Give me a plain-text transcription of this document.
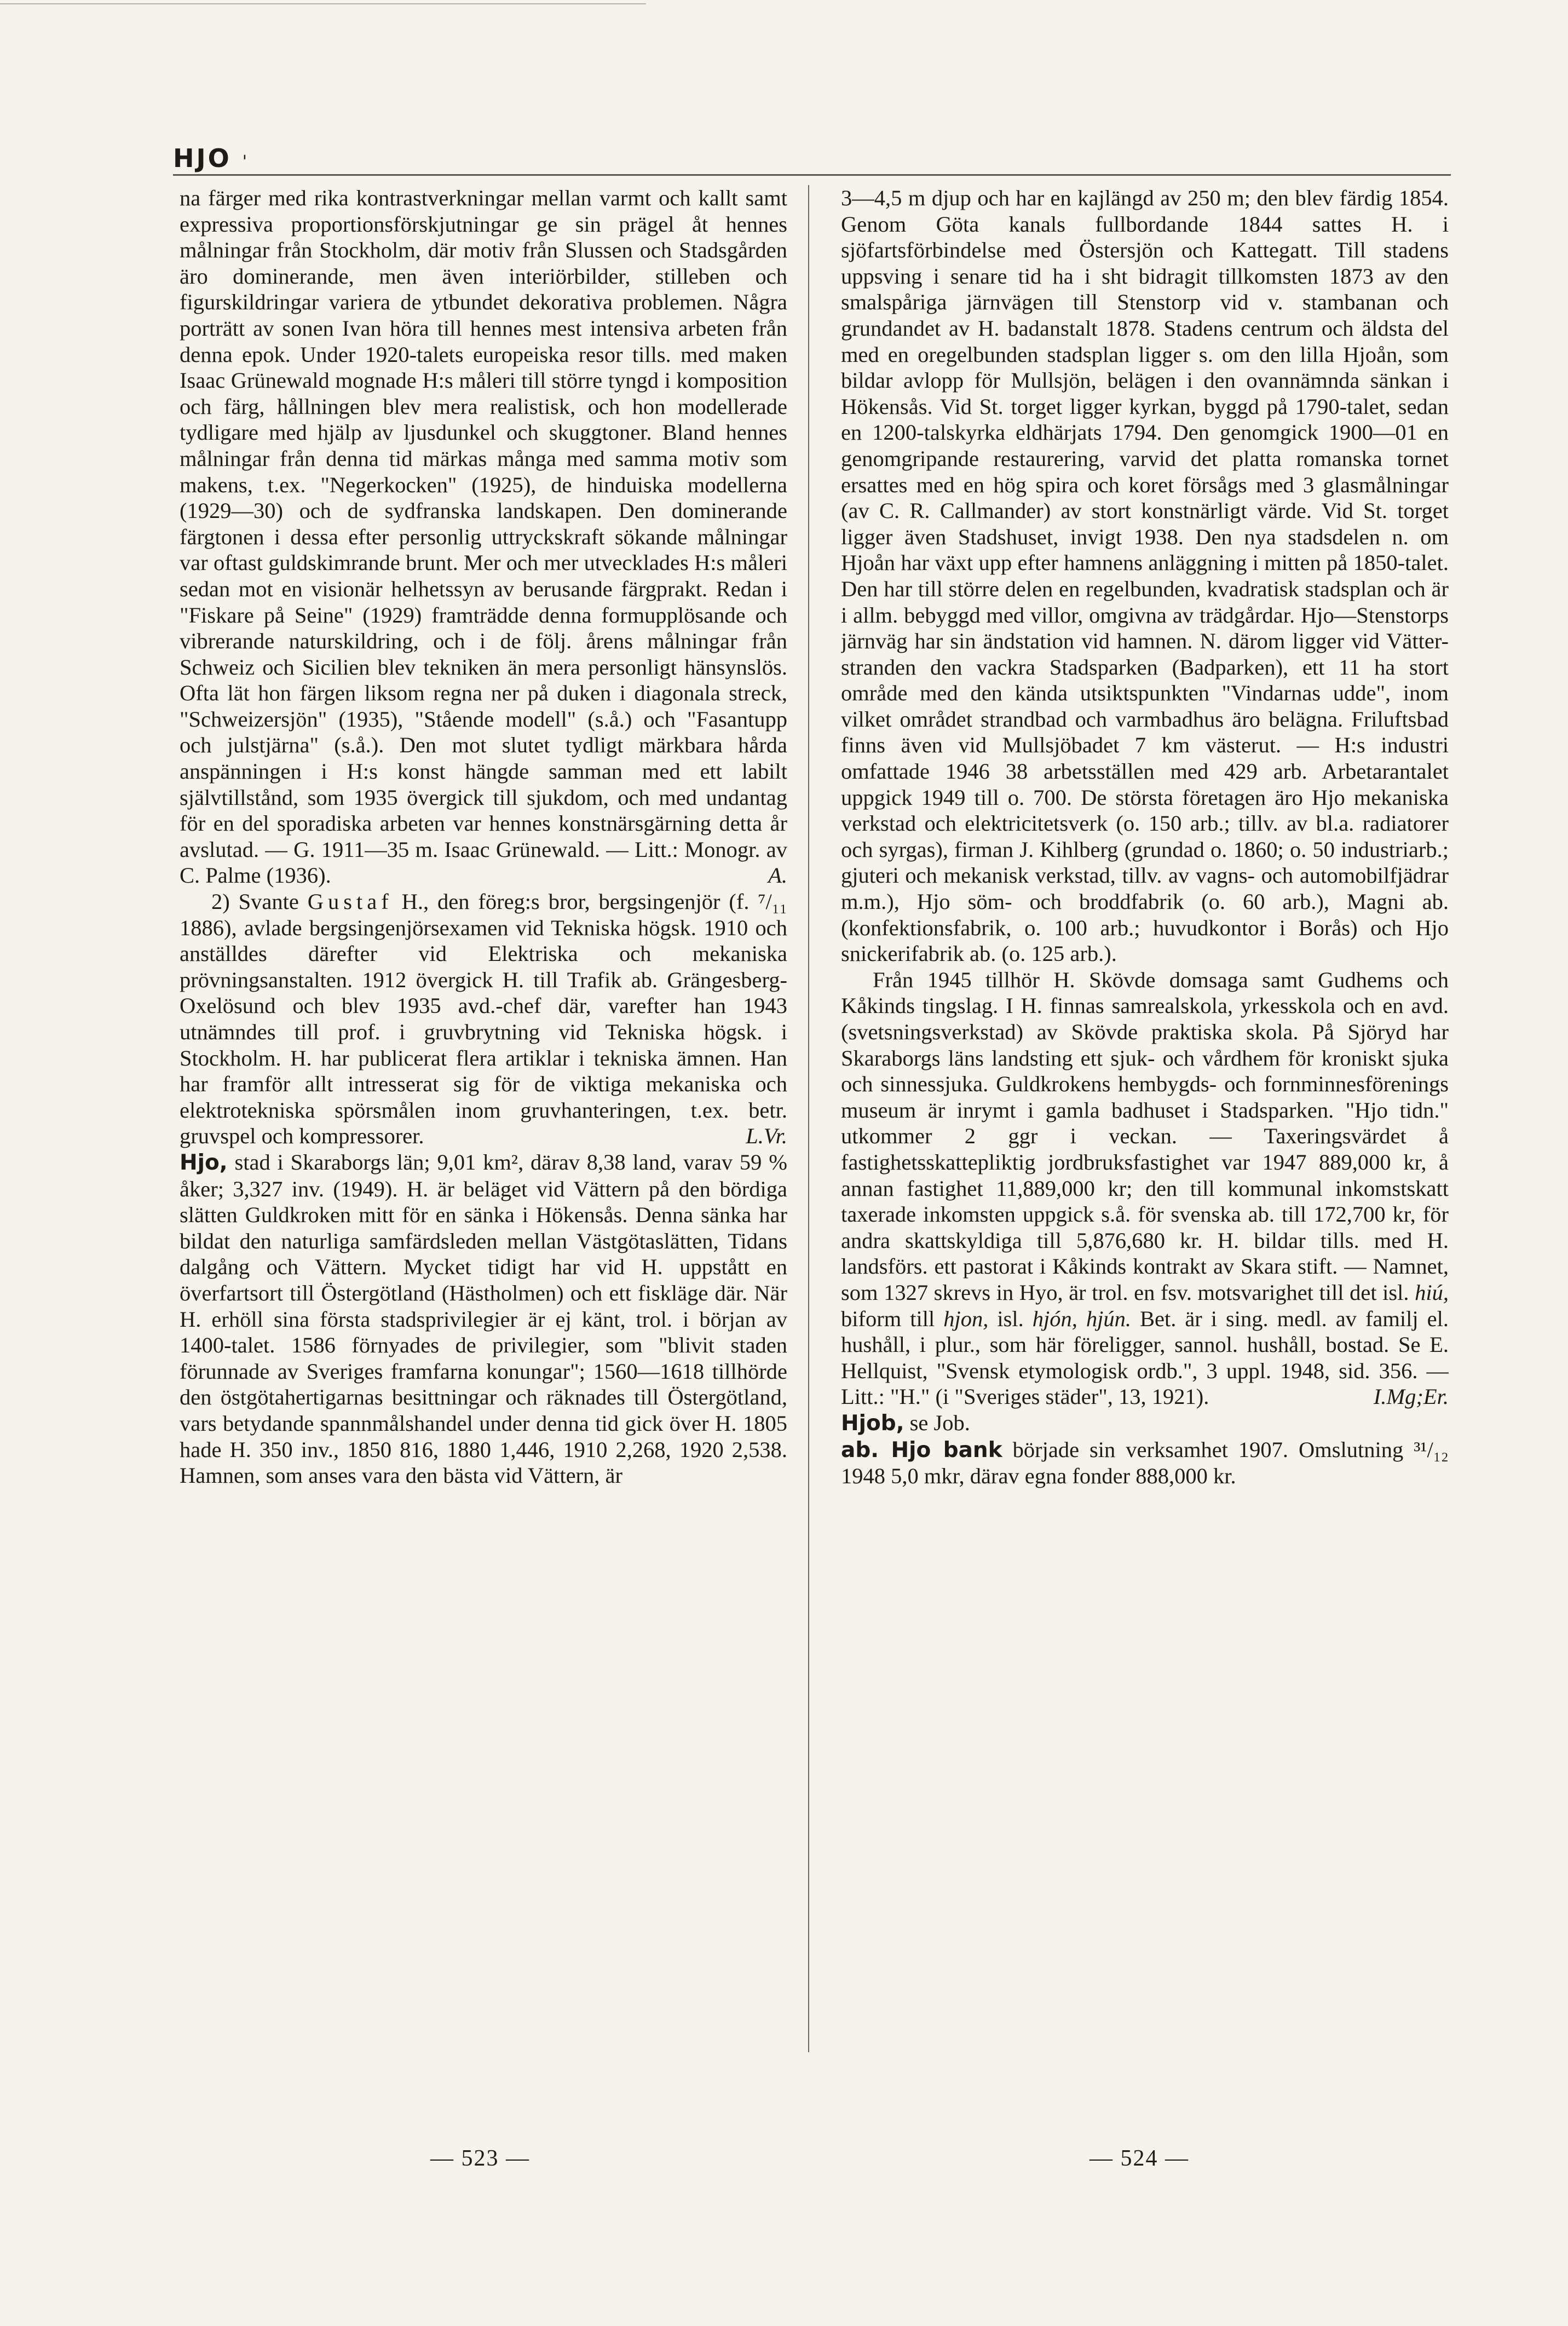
HJO '

na färger med rika kontrastverkningar mellan varmt och kallt samt expressiva proportionsförskjutningar ge sin prägel åt hennes målningar från Stockholm, där motiv från Slussen och Stadsgården äro dominerande, men även interiörbilder, stilleben och figurskildringar variera de ytbundet dekorativa problemen. Några porträtt av sonen Ivan höra till hennes mest intensiva arbeten från denna epok. Under 1920-talets europeiska resor tills. med maken Isaac Grünewald mognade H:s måleri till större tyngd i komposition och färg, hållningen blev mera realistisk, och hon modellerade tydligare med hjälp av ljusdunkel och skuggtoner. Bland hennes målningar från denna tid märkas många med samma motiv som makens, t.ex. "Negerkocken" (1925), de hinduiska modellerna (1929—30) och de sydfranska landskapen. Den dominerande färgtonen i dessa efter personlig uttryckskraft sökande målningar var oftast guldskimrande brunt. Mer och mer utvecklades H:s måleri sedan mot en visionär helhetssyn av berusande färgprakt. Redan i "Fiskare på Seine" (1929) framträdde denna formupplösande och vibrerande naturskildring, och i de följ. årens målningar från Schweiz och Sicilien blev tekniken än mera personligt hänsynslös. Ofta lät hon färgen liksom regna ner på duken i diagonala streck, "Schweizersjön" (1935), "Stående modell" (s.å.) och "Fasantupp och julstjärna" (s.å.). Den mot slutet tydligt märkbara hårda anspänningen i H:s konst hängde samman med ett labilt självtillstånd, som 1935 övergick till sjukdom, och med undantag för en del sporadiska arbeten var hennes konstnärsgärning detta år avslutad. — G. 1911—35 m. Isaac Grünewald. — Litt.: Monogr. av C. Palme (1936).	A.

2) Svante Gustaf H., den föreg:s bror, bergsingenjör (f. ⁷/₁₁ 1886), avlade bergsingenjörsexamen vid Tekniska högsk. 1910 och anställdes därefter vid Elektriska och mekaniska prövningsanstalten. 1912 övergick H. till Trafik ab. Grängesberg-Oxelösund och blev 1935 avd.-chef där, varefter han 1943 utnämndes till prof. i gruvbrytning vid Tekniska högsk. i Stockholm. H. har publicerat flera artiklar i tekniska ämnen. Han har framför allt intresserat sig för de viktiga mekaniska och elektrotekniska spörsmålen inom gruvhanteringen, t.ex. betr. gruvspel och kompressorer.	L.Vr.

Hjo, stad i Skaraborgs län; 9,01 km², därav 8,38 land, varav 59 % åker; 3,327 inv. (1949). H. är beläget vid Vättern på den bördiga slätten Guldkroken mitt för en sänka i Hökensås. Denna sänka har bildat den naturliga samfärdsleden mellan Västgötaslätten, Tidans dalgång och Vättern. Mycket tidigt har vid H. uppstått en överfartsort till Östergötland (Hästholmen) och ett fiskläge där. När H. erhöll sina första stadsprivilegier är ej känt, trol. i början av 1400-talet. 1586 förnyades de privilegier, som "blivit staden förunnade av Sveriges framfarna konungar"; 1560—1618 tillhörde den östgötahertigarnas besittningar och räknades till Östergötland, vars betydande spannmålshandel under denna tid gick över H. 1805 hade H. 350 inv., 1850 816, 1880 1,446, 1910 2,268, 1920 2,538. Hamnen, som anses vara den bästa vid Vättern, är

3—4,5 m djup och har en kajlängd av 250 m; den blev färdig 1854. Genom Göta kanals fullbordande 1844 sattes H. i sjöfartsförbindelse med Östersjön och Kattegatt. Till stadens uppsving i senare tid ha i sht bidragit tillkomsten 1873 av den smalspåriga järnvägen till Stenstorp vid v. stambanan och grundandet av H. badanstalt 1878. Stadens centrum och äldsta del med en oregelbunden stadsplan ligger s. om den lilla Hjoån, som bildar avlopp för Mullsjön, belägen i den ovannämnda sänkan i Hökensås. Vid St. torget ligger kyrkan, byggd på 1790-talet, sedan en 1200-talskyrka eldhärjats 1794. Den genomgick 1900—01 en genomgripande restaurering, varvid det platta romanska tornet ersattes med en hög spira och koret försågs med 3 glasmålningar (av C. R. Callmander) av stort konstnärligt värde. Vid St. torget ligger även Stadshuset, invigt 1938. Den nya stadsdelen n. om Hjoån har växt upp efter hamnens anläggning i mitten på 1850-talet. Den har till större delen en regelbunden, kvadratisk stadsplan och är i allm. bebyggd med villor, omgivna av trädgårdar. Hjo—Stenstorps järnväg har sin ändstation vid hamnen. N. därom ligger vid Vätter-stranden den vackra Stadsparken (Badparken), ett 11 ha stort område med den kända utsiktspunkten "Vindarnas udde", inom vilket området strandbad och varmbadhus äro belägna. Friluftsbad finns även vid Mullsjöbadet 7 km västerut. — H:s industri omfattade 1946 38 arbetsställen med 429 arb. Arbetarantalet uppgick 1949 till o. 700. De största företagen äro Hjo mekaniska verkstad och elektricitetsverk (o. 150 arb.; tillv. av bl.a. radiatorer och syrgas), firman J. Kihlberg (grundad o. 1860; o. 50 industriarb.; gjuteri och mekanisk verkstad, tillv. av vagns- och automobilfjädrar m.m.), Hjo söm- och broddfabrik (o. 60 arb.), Magni ab. (konfektionsfabrik, o. 100 arb.; huvudkontor i Borås) och Hjo snickerifabrik ab. (o. 125 arb.).

Från 1945 tillhör H. Skövde domsaga samt Gudhems och Kåkinds tingslag. I H. finnas samrealskola, yrkesskola och en avd. (svetsningsverkstad) av Skövde praktiska skola. På Sjöryd har Skaraborgs läns landsting ett sjuk- och vårdhem för kroniskt sjuka och sinnessjuka. Guldkrokens hembygds- och fornminnesförenings museum är inrymt i gamla badhuset i Stadsparken. "Hjo tidn." utkommer 2 ggr i veckan. — Taxeringsvärdet å fastighetsskattepliktig jordbruksfastighet var 1947 889,000 kr, å annan fastighet 11,889,000 kr; den till kommunal inkomstskatt taxerade inkomsten uppgick s.å. för svenska ab. till 172,700 kr, för andra skattskyldiga till 5,876,680 kr. H. bildar tills. med H. landsförs. ett pastorat i Kåkinds kontrakt av Skara stift. — Namnet, som 1327 skrevs in Hyo, är trol. en fsv. motsvarighet till det isl. hiú, biform till hjon, isl. hjón, hjún. Bet. är i sing. medl. av familj el. hushåll, i plur., som här föreligger, sannol. hushåll, bostad. Se E. Hellquist, "Svensk etymologisk ordb.", 3 uppl. 1948, sid. 356. — Litt.: "H." (i "Sveriges städer", 13, 1921).	I.Mg;Er.

Hjob, se Job.

ab. Hjo bank började sin verksamhet 1907. Omslutning ³¹/₁₂ 1948 5,0 mkr, därav egna fonder 888,000 kr.

— 523 —	— 524 —
